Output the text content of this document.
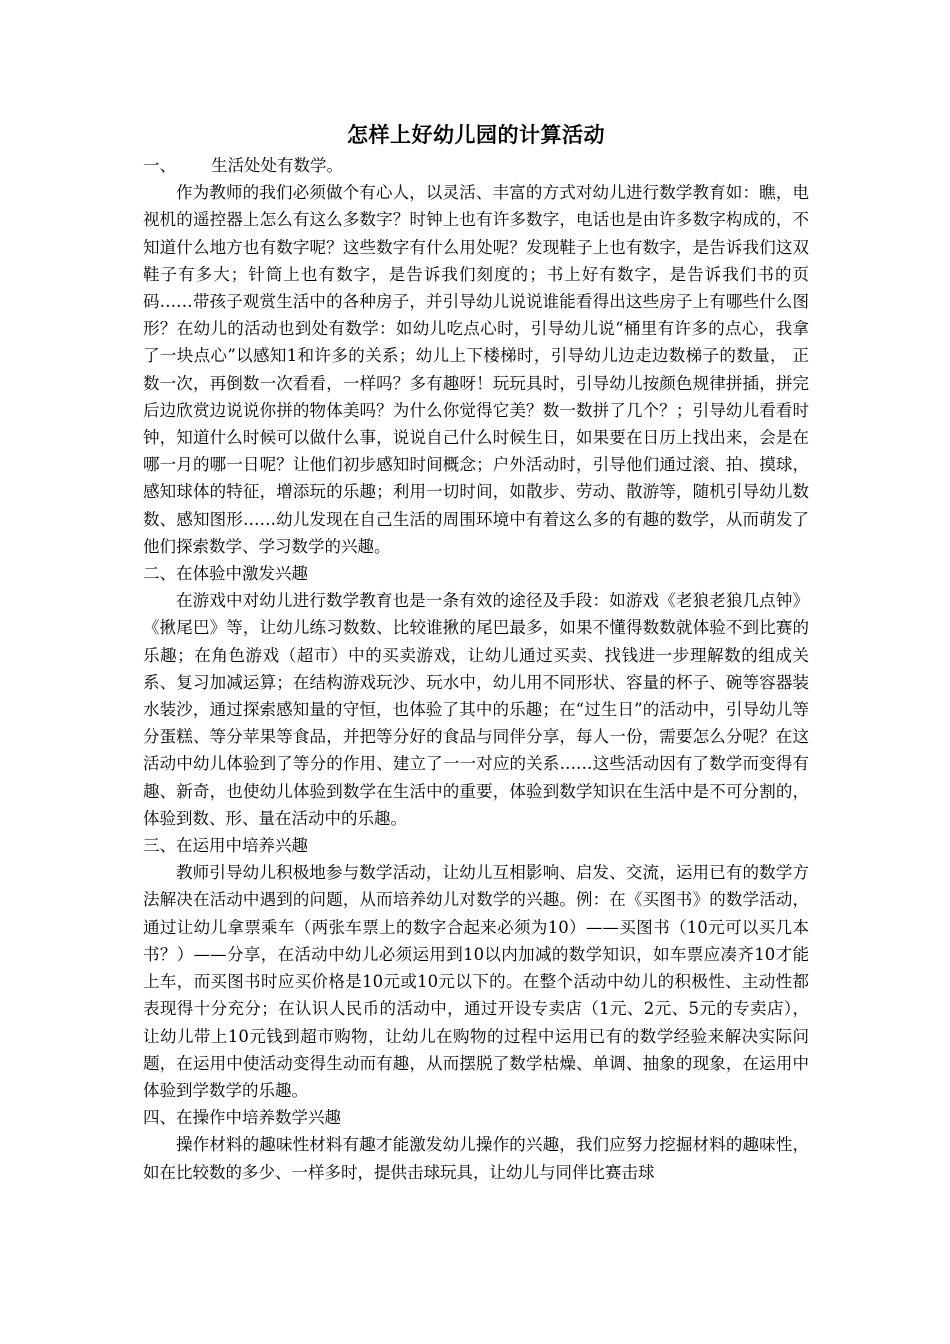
怎样上好幼儿园的计算活动

一、 生活处处有数学。

作为教师的我们必须做个有心人，以灵活、丰富的方式对幼儿进行数学教育如：瞧，电视机的遥控器上怎么有这么多数字？时钟上也有许多数字，电话也是由许多数字构成的，不知道什么地方也有数字呢？这些数字有什么用处呢？发现鞋子上也有数字，是告诉我们这双鞋子有多大；针筒上也有数字，是告诉我们刻度的；书上好有数字，是告诉我们书的页码……带孩子观赏生活中的各种房子，并引导幼儿说说谁能看得出这些房子上有哪些什么图形？在幼儿的活动也到处有数学：如幼儿吃点心时，引导幼儿说“桶里有许多的点心，我拿了一块点心”以感知1和许多的关系；幼儿上下楼梯时，引导幼儿边走边数梯子的数量， 正数一次，再倒数一次看看，一样吗？多有趣呀！玩玩具时，引导幼儿按颜色规律拼插，拼完后边欣赏边说说你拼的物体美吗？为什么你觉得它美？数一数拼了几个？；引导幼儿看看时钟，知道什么时候可以做什么事，说说自己什么时候生日，如果要在日历上找出来，会是在哪一月的哪一日呢？让他们初步感知时间概念；户外活动时，引导他们通过滚、拍、摸球，感知球体的特征，增添玩的乐趣；利用一切时间，如散步、劳动、散游等，随机引导幼儿数数、感知图形……幼儿发现在自己生活的周围环境中有着这么多的有趣的数学，从而萌发了他们探索数学、学习数学的兴趣。

二、在体验中激发兴趣

在游戏中对幼儿进行数学教育也是一条有效的途径及手段：如游戏《老狼老狼几点钟》《揪尾巴》等，让幼儿练习数数、比较谁揪的尾巴最多，如果不懂得数数就体验不到比赛的乐趣；在角色游戏（超市）中的买卖游戏，让幼儿通过买卖、找钱进一步理解数的组成关系、复习加减运算；在结构游戏玩沙、玩水中，幼儿用不同形状、容量的杯子、碗等容器装水装沙，通过探索感知量的守恒，也体验了其中的乐趣；在“过生日”的活动中，引导幼儿等分蛋糕、等分苹果等食品，并把等分好的食品与同伴分享，每人一份，需要怎么分呢？在这活动中幼儿体验到了等分的作用、建立了一一对应的关系……这些活动因有了数学而变得有趣、新奇，也使幼儿体验到数学在生活中的重要，体验到数学知识在生活中是不可分割的，体验到数、形、量在活动中的乐趣。

三、在运用中培养兴趣

教师引导幼儿积极地参与数学活动，让幼儿互相影响、启发、交流，运用已有的数学方法解决在活动中遇到的问题，从而培养幼儿对数学的兴趣。例：在《买图书》的数学活动，通过让幼儿拿票乘车（两张车票上的数字合起来必须为10）——买图书（10元可以买几本书？）——分享，在活动中幼儿必须运用到10以内加减的数学知识，如车票应凑齐10才能上车，而买图书时应买价格是10元或10元以下的。在整个活动中幼儿的积极性、主动性都表现得十分充分；在认识人民币的活动中，通过开设专卖店（1元、2元、5元的专卖店），让幼儿带上10元钱到超市购物，让幼儿在购物的过程中运用已有的数学经验来解决实际问题，在运用中使活动变得生动而有趣，从而摆脱了数学枯燥、单调、抽象的现象，在运用中体验到学数学的乐趣。

四、在操作中培养数学兴趣

操作材料的趣味性材料有趣才能激发幼儿操作的兴趣，我们应努力挖掘材料的趣味性，如在比较数的多少、一样多时，提供击球玩具，让幼儿与同伴比赛击球
